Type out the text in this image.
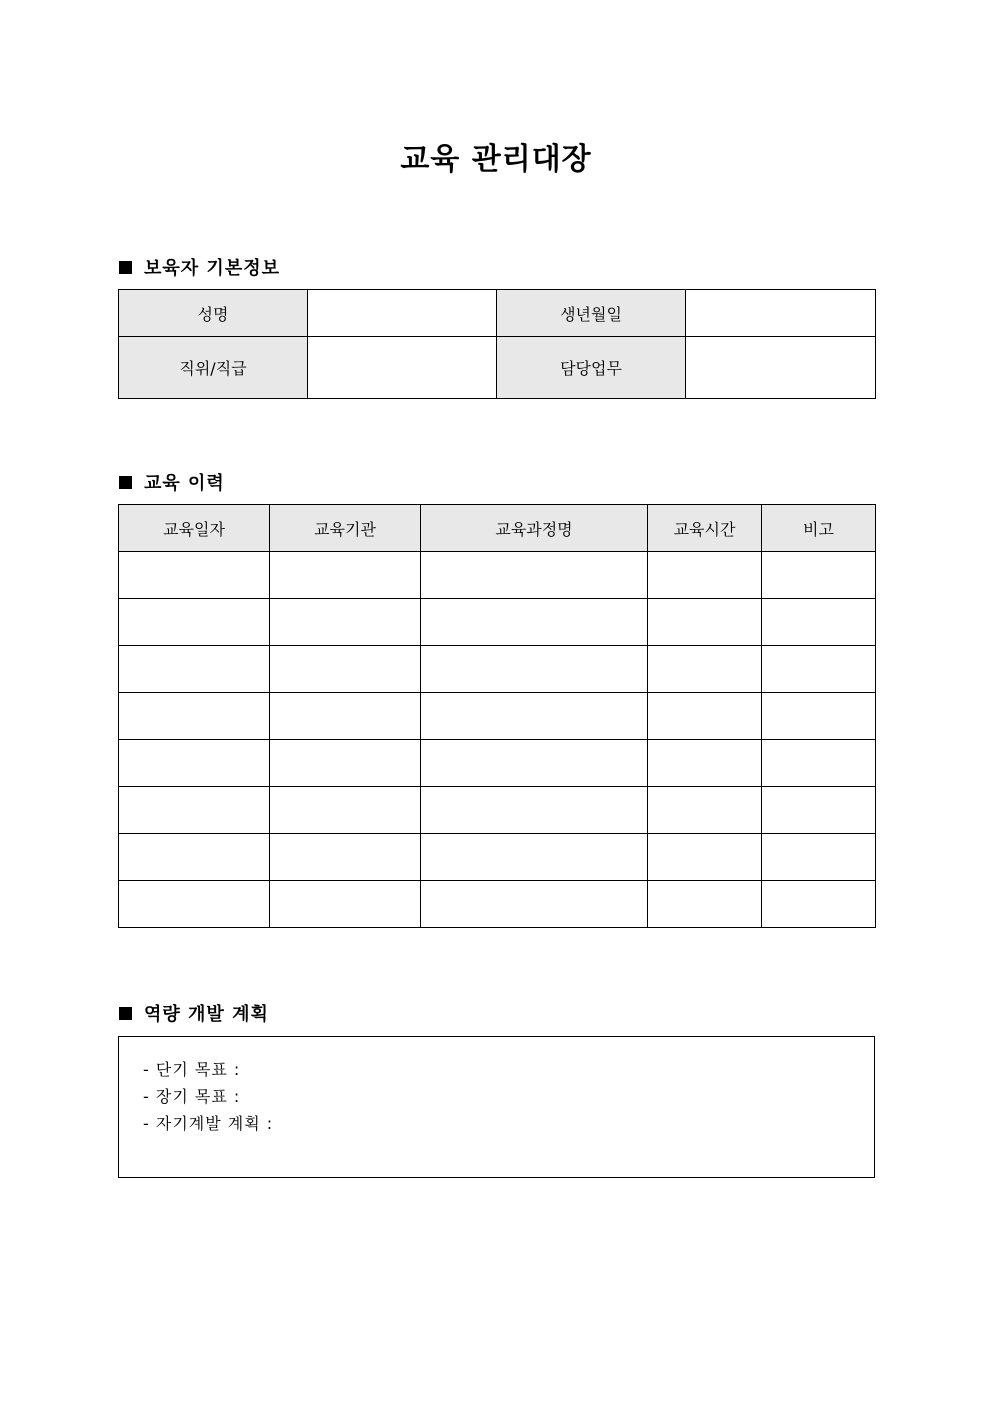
교육 관리대장
보육자 기본정보
성명		생년월일	
직위/직급		담당업무	
교육 이력
교육일자	교육기관	교육과정명	교육시간	비고

역량 개발 계획
- 단기 목표 :
- 장기 목표 :
- 자기계발 계획 :
